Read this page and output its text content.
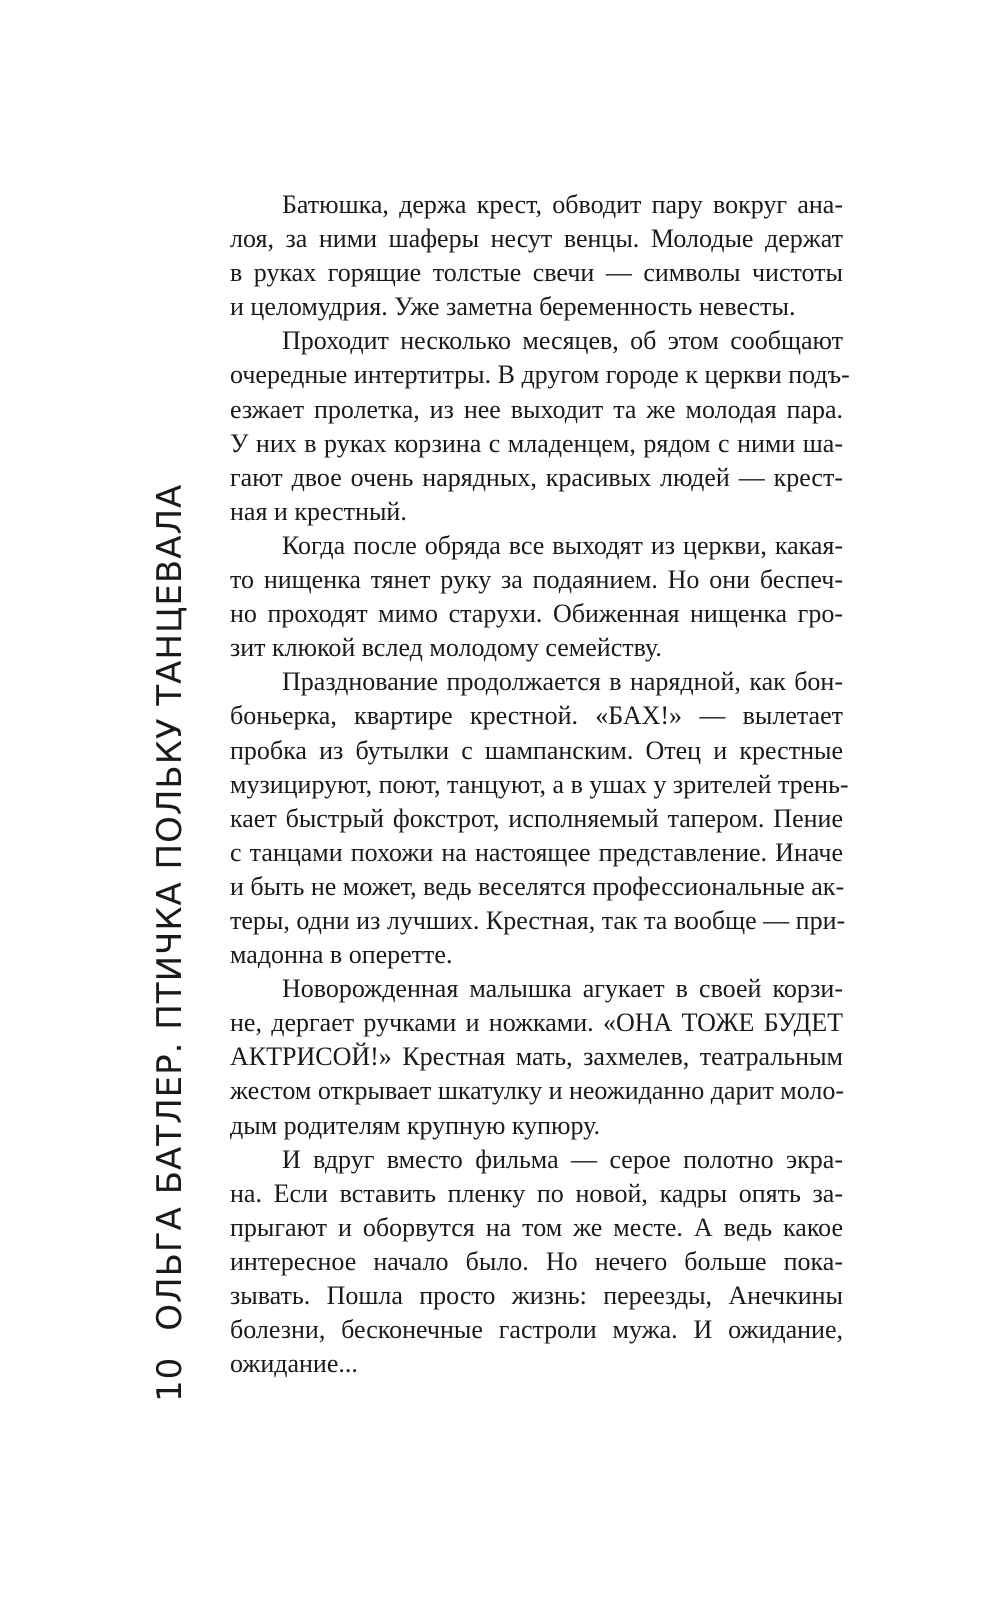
10ОЛЬГА БАТЛЕР. ПТИЧКА ПОЛЬКУ ТАНЦЕВАЛА
Батюшка, держа крест, обводит пару вокруг ана-
лоя, за ними шаферы несут венцы. Молодые держат
в руках горящие толстые свечи — символы чистоты
и целомудрия. Уже заметна беременность невесты.
Проходит несколько месяцев, об этом сообщают
очередные интертитры. В другом городе к церкви подъ-
езжает пролетка, из нее выходит та же молодая пара.
У них в руках корзина с младенцем, рядом с ними ша-
гают двое очень нарядных, красивых людей — крест-
ная и крестный.
Когда после обряда все выходят из церкви, какая-
то нищенка тянет руку за подаянием. Но они беспеч-
но проходят мимо старухи. Обиженная нищенка гро-
зит клюкой вслед молодому семейству.
Празднование продолжается в нарядной, как бон-
боньерка, квартире крестной. «БАХ!» — вылетает
пробка из бутылки с шампанским. Отец и крестные
музицируют, поют, танцуют, а в ушах у зрителей трень-
кает быстрый фокстрот, исполняемый тапером. Пение
с танцами похожи на настоящее представление. Иначе
и быть не может, ведь веселятся профессиональные ак-
теры, одни из лучших. Крестная, так та вообще — при-
мадонна в оперетте.
Новорожденная малышка агукает в своей корзи-
не, дергает ручками и ножками. «ОНА ТОЖЕ БУДЕТ
АКТРИСОЙ!» Крестная мать, захмелев, театральным
жестом открывает шкатулку и неожиданно дарит моло-
дым родителям крупную купюру.
И вдруг вместо фильма — серое полотно экра-
на. Если вставить пленку по новой, кадры опять за-
прыгают и оборвутся на том же месте. А ведь какое
интересное начало было. Но нечего больше пока-
зывать. Пошла просто жизнь: переезды, Анечкины
болезни, бесконечные гастроли мужа. И ожидание,
ожидание...
